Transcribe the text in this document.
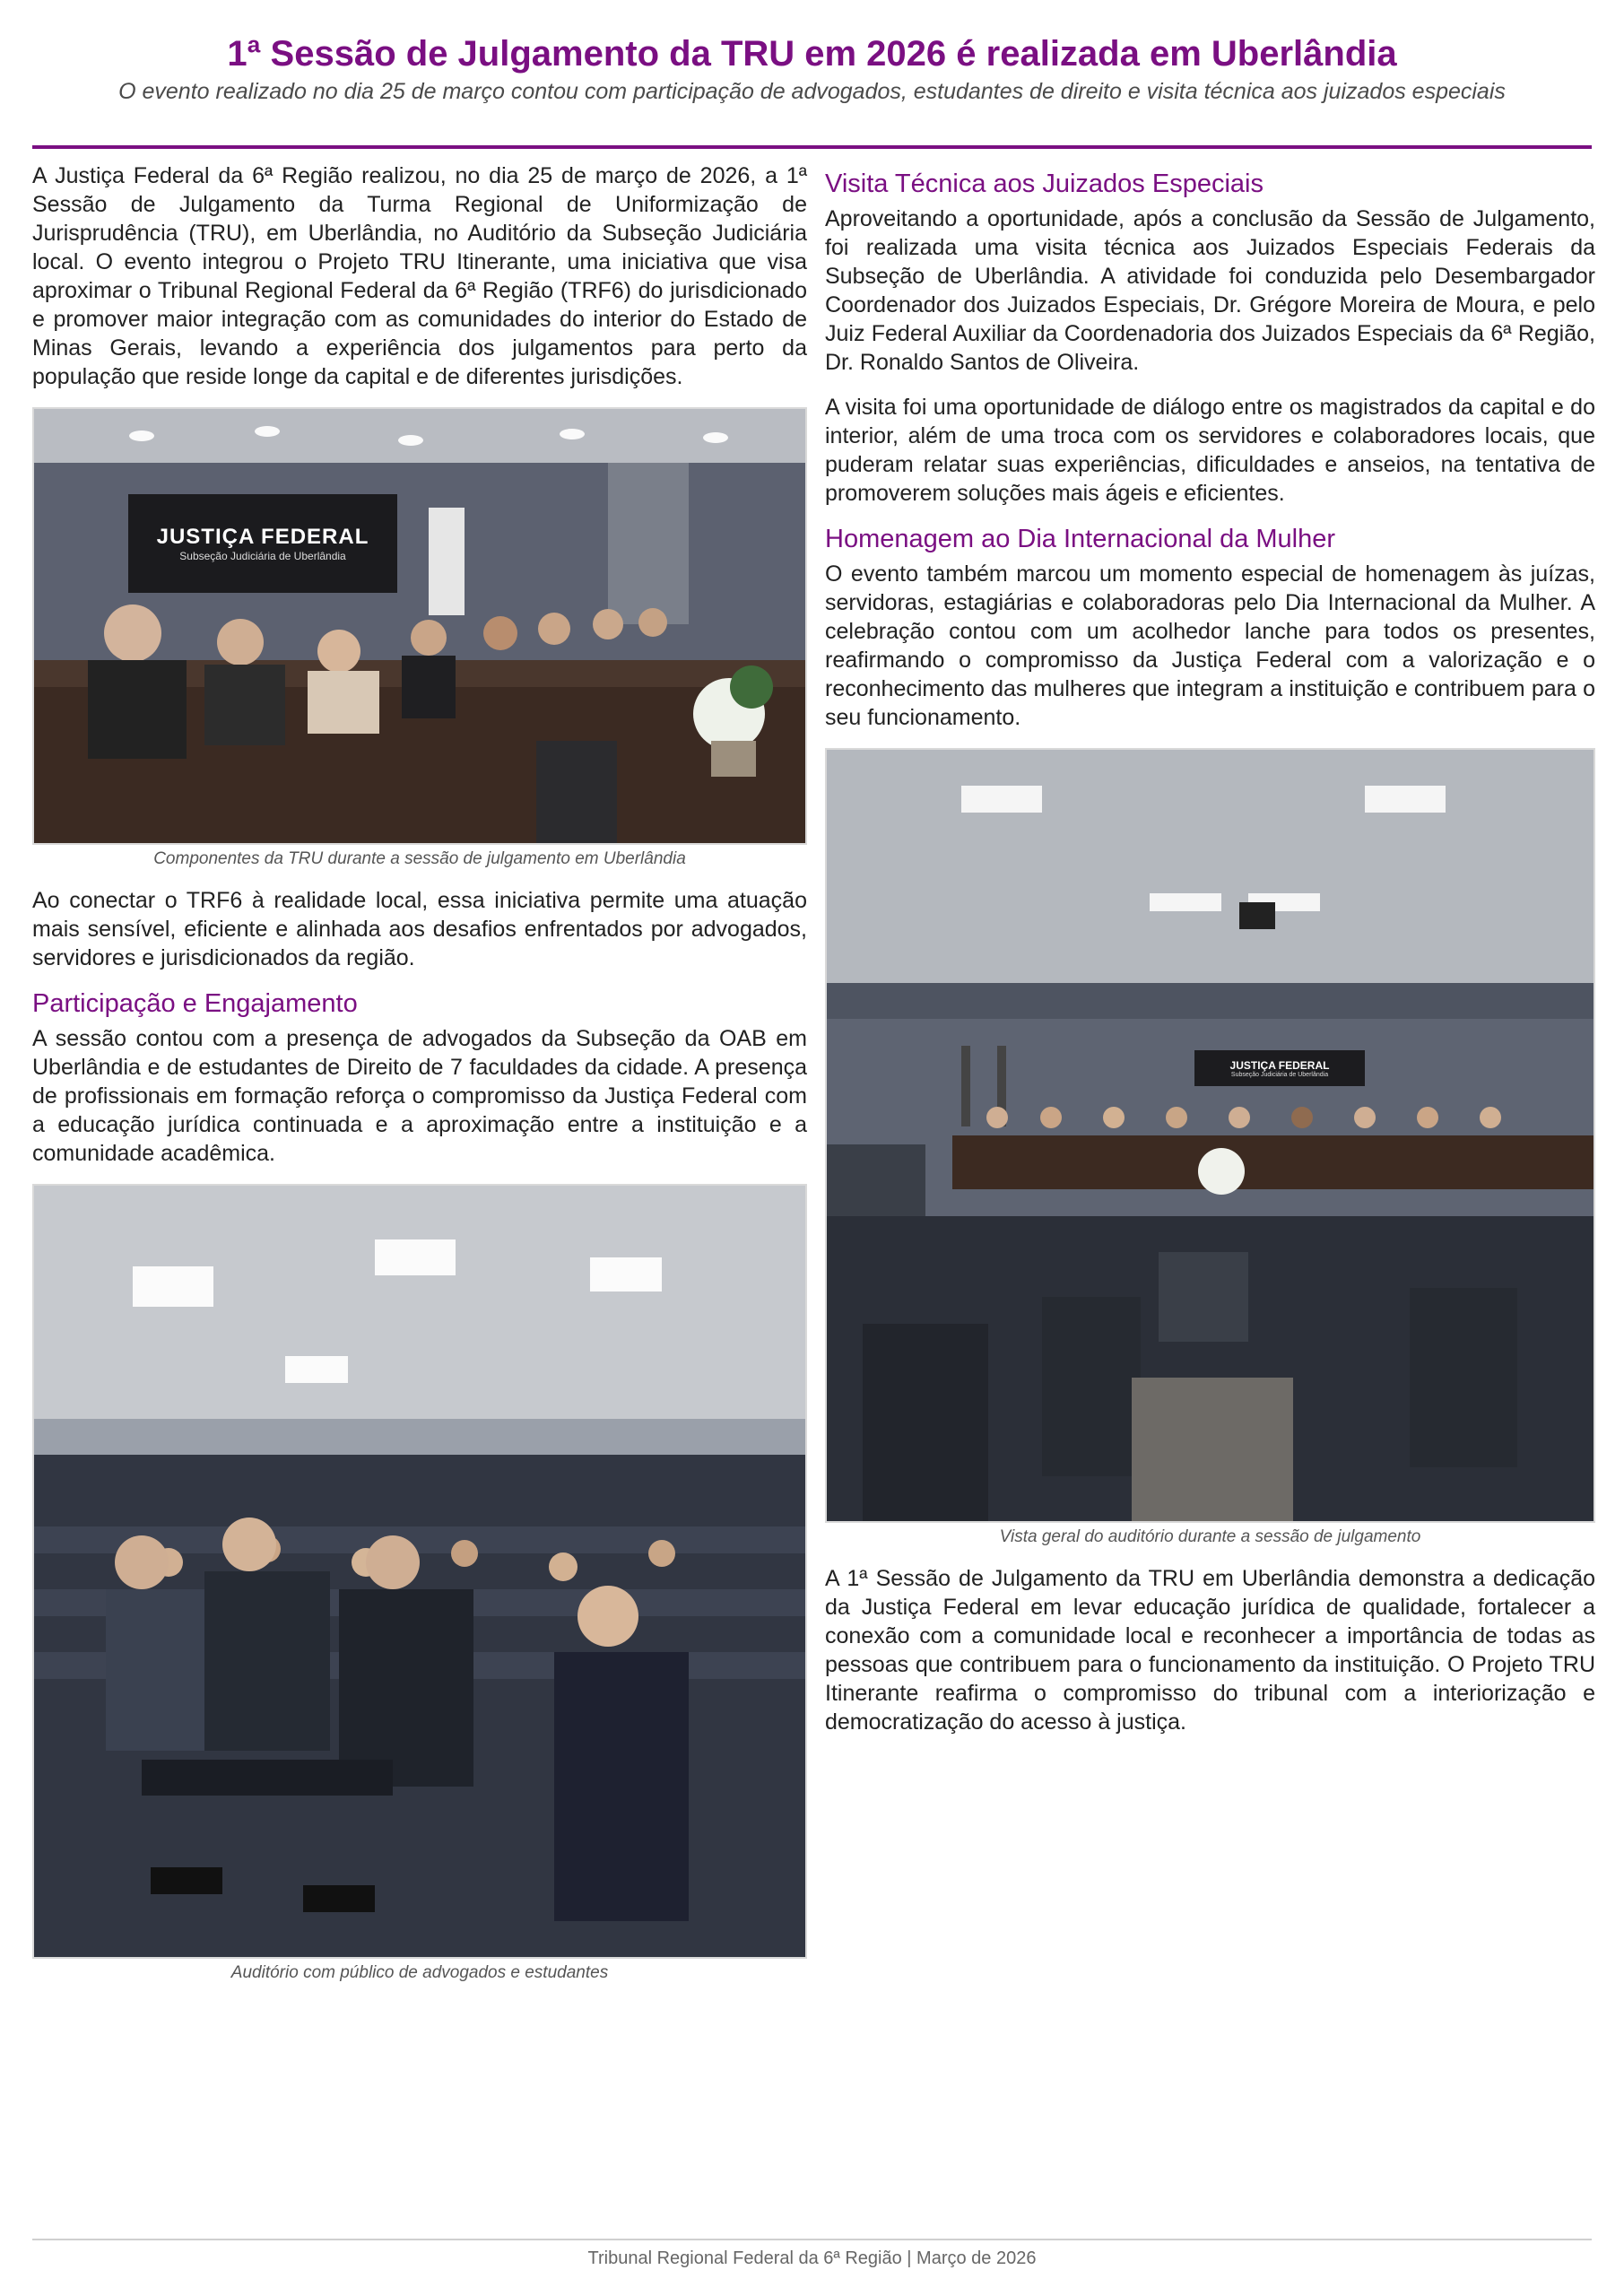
1ª Sessão de Julgamento da TRU em 2026 é realizada em Uberlândia

O evento realizado no dia 25 de março contou com participação de advogados, estudantes de direito e visita técnica aos juizados especiais

A Justiça Federal da 6ª Região realizou, no dia 25 de março de 2026, a 1ª Sessão de Julgamento da Turma Regional de Uniformização de Jurisprudência (TRU), em Uberlândia, no Auditório da Subseção Judiciária local. O evento integrou o Projeto TRU Itinerante, uma iniciativa que visa aproximar o Tribunal Regional Federal da 6ª Região (TRF6) do jurisdicionado e promover maior integração com as comunidades do interior do Estado de Minas Gerais, levando a experiência dos julgamentos para perto da população que reside longe da capital e de diferentes jurisdições.

JUSTIÇA FEDERAL
Subseção Judiciária de Uberlândia

Componentes da TRU durante a sessão de julgamento em Uberlândia

Ao conectar o TRF6 à realidade local, essa iniciativa permite uma atuação mais sensível, eficiente e alinhada aos desafios enfrentados por advogados, servidores e jurisdicionados da região.

Participação e Engajamento

A sessão contou com a presença de advogados da Subseção da OAB em Uberlândia e de estudantes de Direito de 7 faculdades da cidade. A presença de profissionais em formação reforça o compromisso da Justiça Federal com a educação jurídica continuada e a aproximação entre a instituição e a comunidade acadêmica.

Auditório com público de advogados e estudantes

Visita Técnica aos Juizados Especiais

Aproveitando a oportunidade, após a conclusão da Sessão de Julgamento, foi realizada uma visita técnica aos Juizados Especiais Federais da Subseção de Uberlândia. A atividade foi conduzida pelo Desembargador Coordenador dos Juizados Especiais, Dr. Grégore Moreira de Moura, e pelo Juiz Federal Auxiliar da Coordenadoria dos Juizados Especiais da 6ª Região, Dr. Ronaldo Santos de Oliveira.

A visita foi uma oportunidade de diálogo entre os magistrados da capital e do interior, além de uma troca com os servidores e colaboradores locais, que puderam relatar suas experiências, dificuldades e anseios, na tentativa de promoverem soluções mais ágeis e eficientes.

Homenagem ao Dia Internacional da Mulher

O evento também marcou um momento especial de homenagem às juízas, servidoras, estagiárias e colaboradoras pelo Dia Internacional da Mulher. A celebração contou com um acolhedor lanche para todos os presentes, reafirmando o compromisso da Justiça Federal com a valorização e o reconhecimento das mulheres que integram a instituição e contribuem para o seu funcionamento.

JUSTIÇA FEDERAL
Subseção Judiciária de Uberlândia

Vista geral do auditório durante a sessão de julgamento

A 1ª Sessão de Julgamento da TRU em Uberlândia demonstra a dedicação da Justiça Federal em levar educação jurídica de qualidade, fortalecer a conexão com a comunidade local e reconhecer a importância de todas as pessoas que contribuem para o funcionamento da instituição. O Projeto TRU Itinerante reafirma o compromisso do tribunal com a interiorização e democratização do acesso à justiça.

Tribunal Regional Federal da 6ª Região | Março de 2026
